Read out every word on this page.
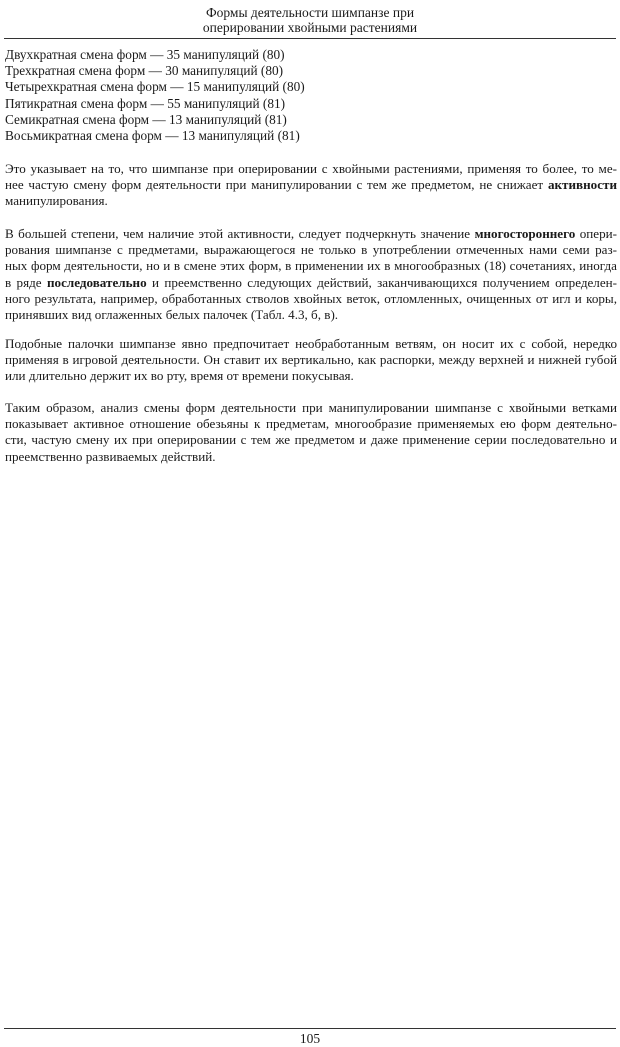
Формы деятельности шимпанзе при
оперировании хвойными растениями
Двухкратная смена форм — 35 манипуляций (80)
Трехкратная смена форм — 30 манипуляций (80)
Четырехкратная смена форм — 15 манипуляций (80)
Пятикратная смена форм — 55 манипуляций (81)
Семикратная смена форм — 13 манипуляций (81)
Восьмикратная смена форм — 13 манипуляций (81)
Это указывает на то, что шимпанзе при оперировании с хвойными растениями, применяя то более, то ме-
нее частую смену форм деятельности при манипулировании с тем же предметом, не снижает активности
манипулирования.
В большей степени, чем наличие этой активности, следует подчеркнуть значение многостороннего опери-
рования шимпанзе с предметами, выражающегося не только в употреблении отмеченных нами семи раз-
ных форм деятельности, но и в смене этих форм, в применении их в многообразных (18) сочетаниях, иногда
в ряде последовательно и преемственно следующих действий, заканчивающихся получением определен-
ного результата, например, обработанных стволов хвойных веток, отломленных, очищенных от игл и коры,
принявших вид оглаженных белых палочек (Табл. 4.3, б, в).
Подобные палочки шимпанзе явно предпочитает необработанным ветвям, он носит их с собой, нередко
применяя в игровой деятельности. Он ставит их вертикально, как распорки, между верхней и нижней губой
или длительно держит их во рту, время от времени покусывая.
Таким образом, анализ смены форм деятельности при манипулировании шимпанзе с хвойными ветками
показывает активное отношение обезьяны к предметам, многообразие применяемых ею форм деятельно-
сти, частую смену их при оперировании с тем же предметом и даже применение серии последовательно и
преемственно развиваемых действий.
105
